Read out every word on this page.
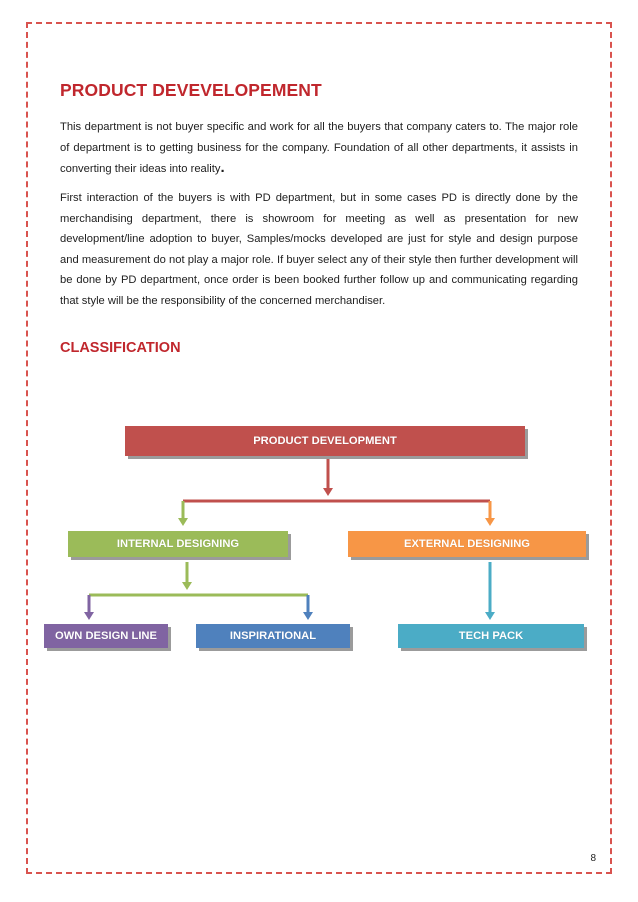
PRODUCT DEVEVELOPEMENT

This department is not buyer specific and work for all the buyers that company caters to. The major role of department is to getting business for the company. Foundation of all other departments, it assists in converting their ideas into reality.

First interaction of the buyers is with PD department, but in some cases PD is directly done by the merchandising department, there is showroom for meeting as well as presentation for new development/line adoption to buyer, Samples/mocks developed are just for style and design purpose and measurement do not play a major role. If buyer select any of their style then further development will be done by PD department, once order is been booked further follow up and communicating regarding that style will be the responsibility of the concerned merchandiser.

CLASSIFICATION
PRODUCT DEVELOPMENT
INTERNAL DESIGNING	EXTERNAL DESIGNING
OWN DESIGN LINE	INSPIRATIONAL	TECH PACK
8
